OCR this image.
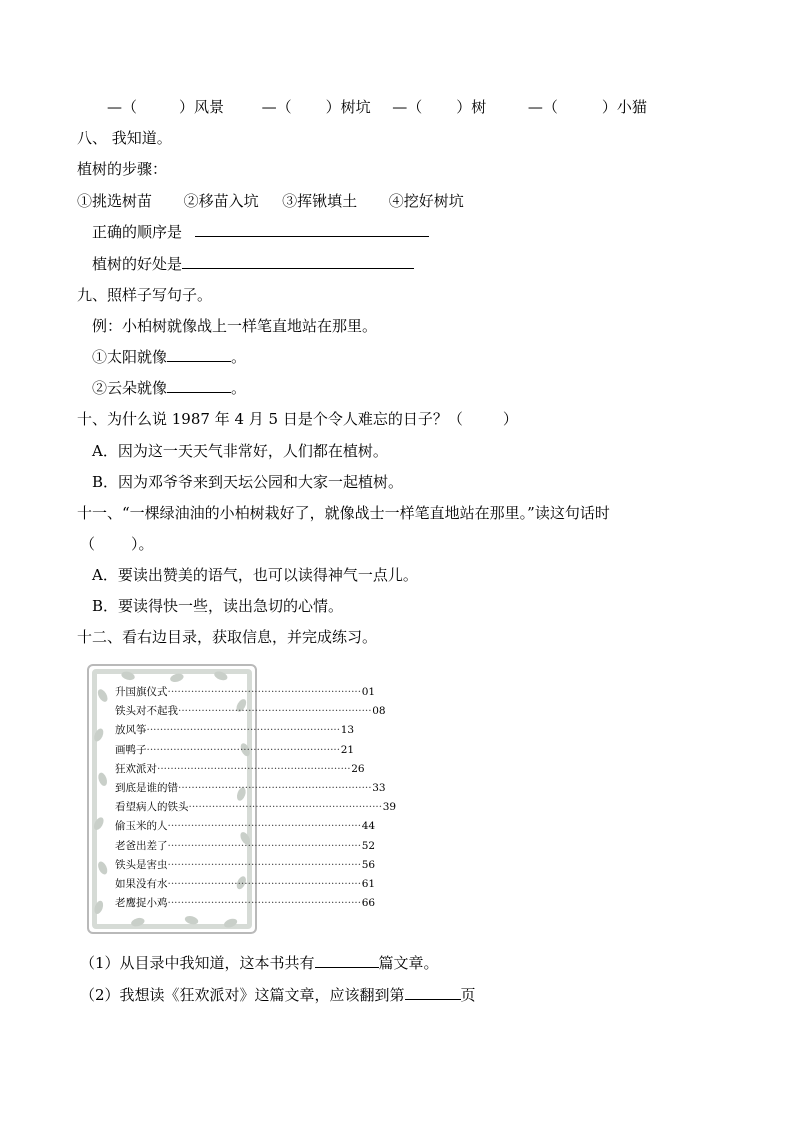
—（	）风景	—（ ）树坑 —（ ）树	—（	）小猫
八、 我知道。
植树的步骤：
①挑选树苗 ②移苗入坑 ③挥锹填土 ④挖好树坑
正确的顺序是
植树的好处是
九、照样子写句子。
例：小柏树就像战上一样笔直地站在那里。
①太阳就像	。
②云朵就像	。
十、为什么说 1987 年 4 月 5 日是个令人难忘的日子？（	）
A．因为这一天天气非常好，人们都在植树。
B．因为邓爷爷来到天坛公园和大家一起植树。
十一、“一棵绿油油的小柏树栽好了，就像战士一样笔直地站在那里。”读这句话时
（ ）。
A．要读出赞美的语气，也可以读得神气一点儿。
B．要读得快一些，读出急切的心情。
十二、看右边目录，获取信息，并完成练习。
升国旗仪式 ·························································· 01
铁头对不起我 ·························································· 08
放风筝 ·························································· 13
画鸭子 ·························································· 21
狂欢派对 ·························································· 26
到底是谁的错 ·························································· 33
看望病人的铁头 ·························································· 39
偷玉米的人 ·························································· 44
老爸出差了 ·························································· 52
铁头是害虫 ·························································· 56
如果没有水 ·························································· 61
老鹰捉小鸡 ·························································· 66
（1）从目录中我知道，这本书共有	篇文章。
（2）我想读《狂欢派对》这篇文章，应该翻到第	页
